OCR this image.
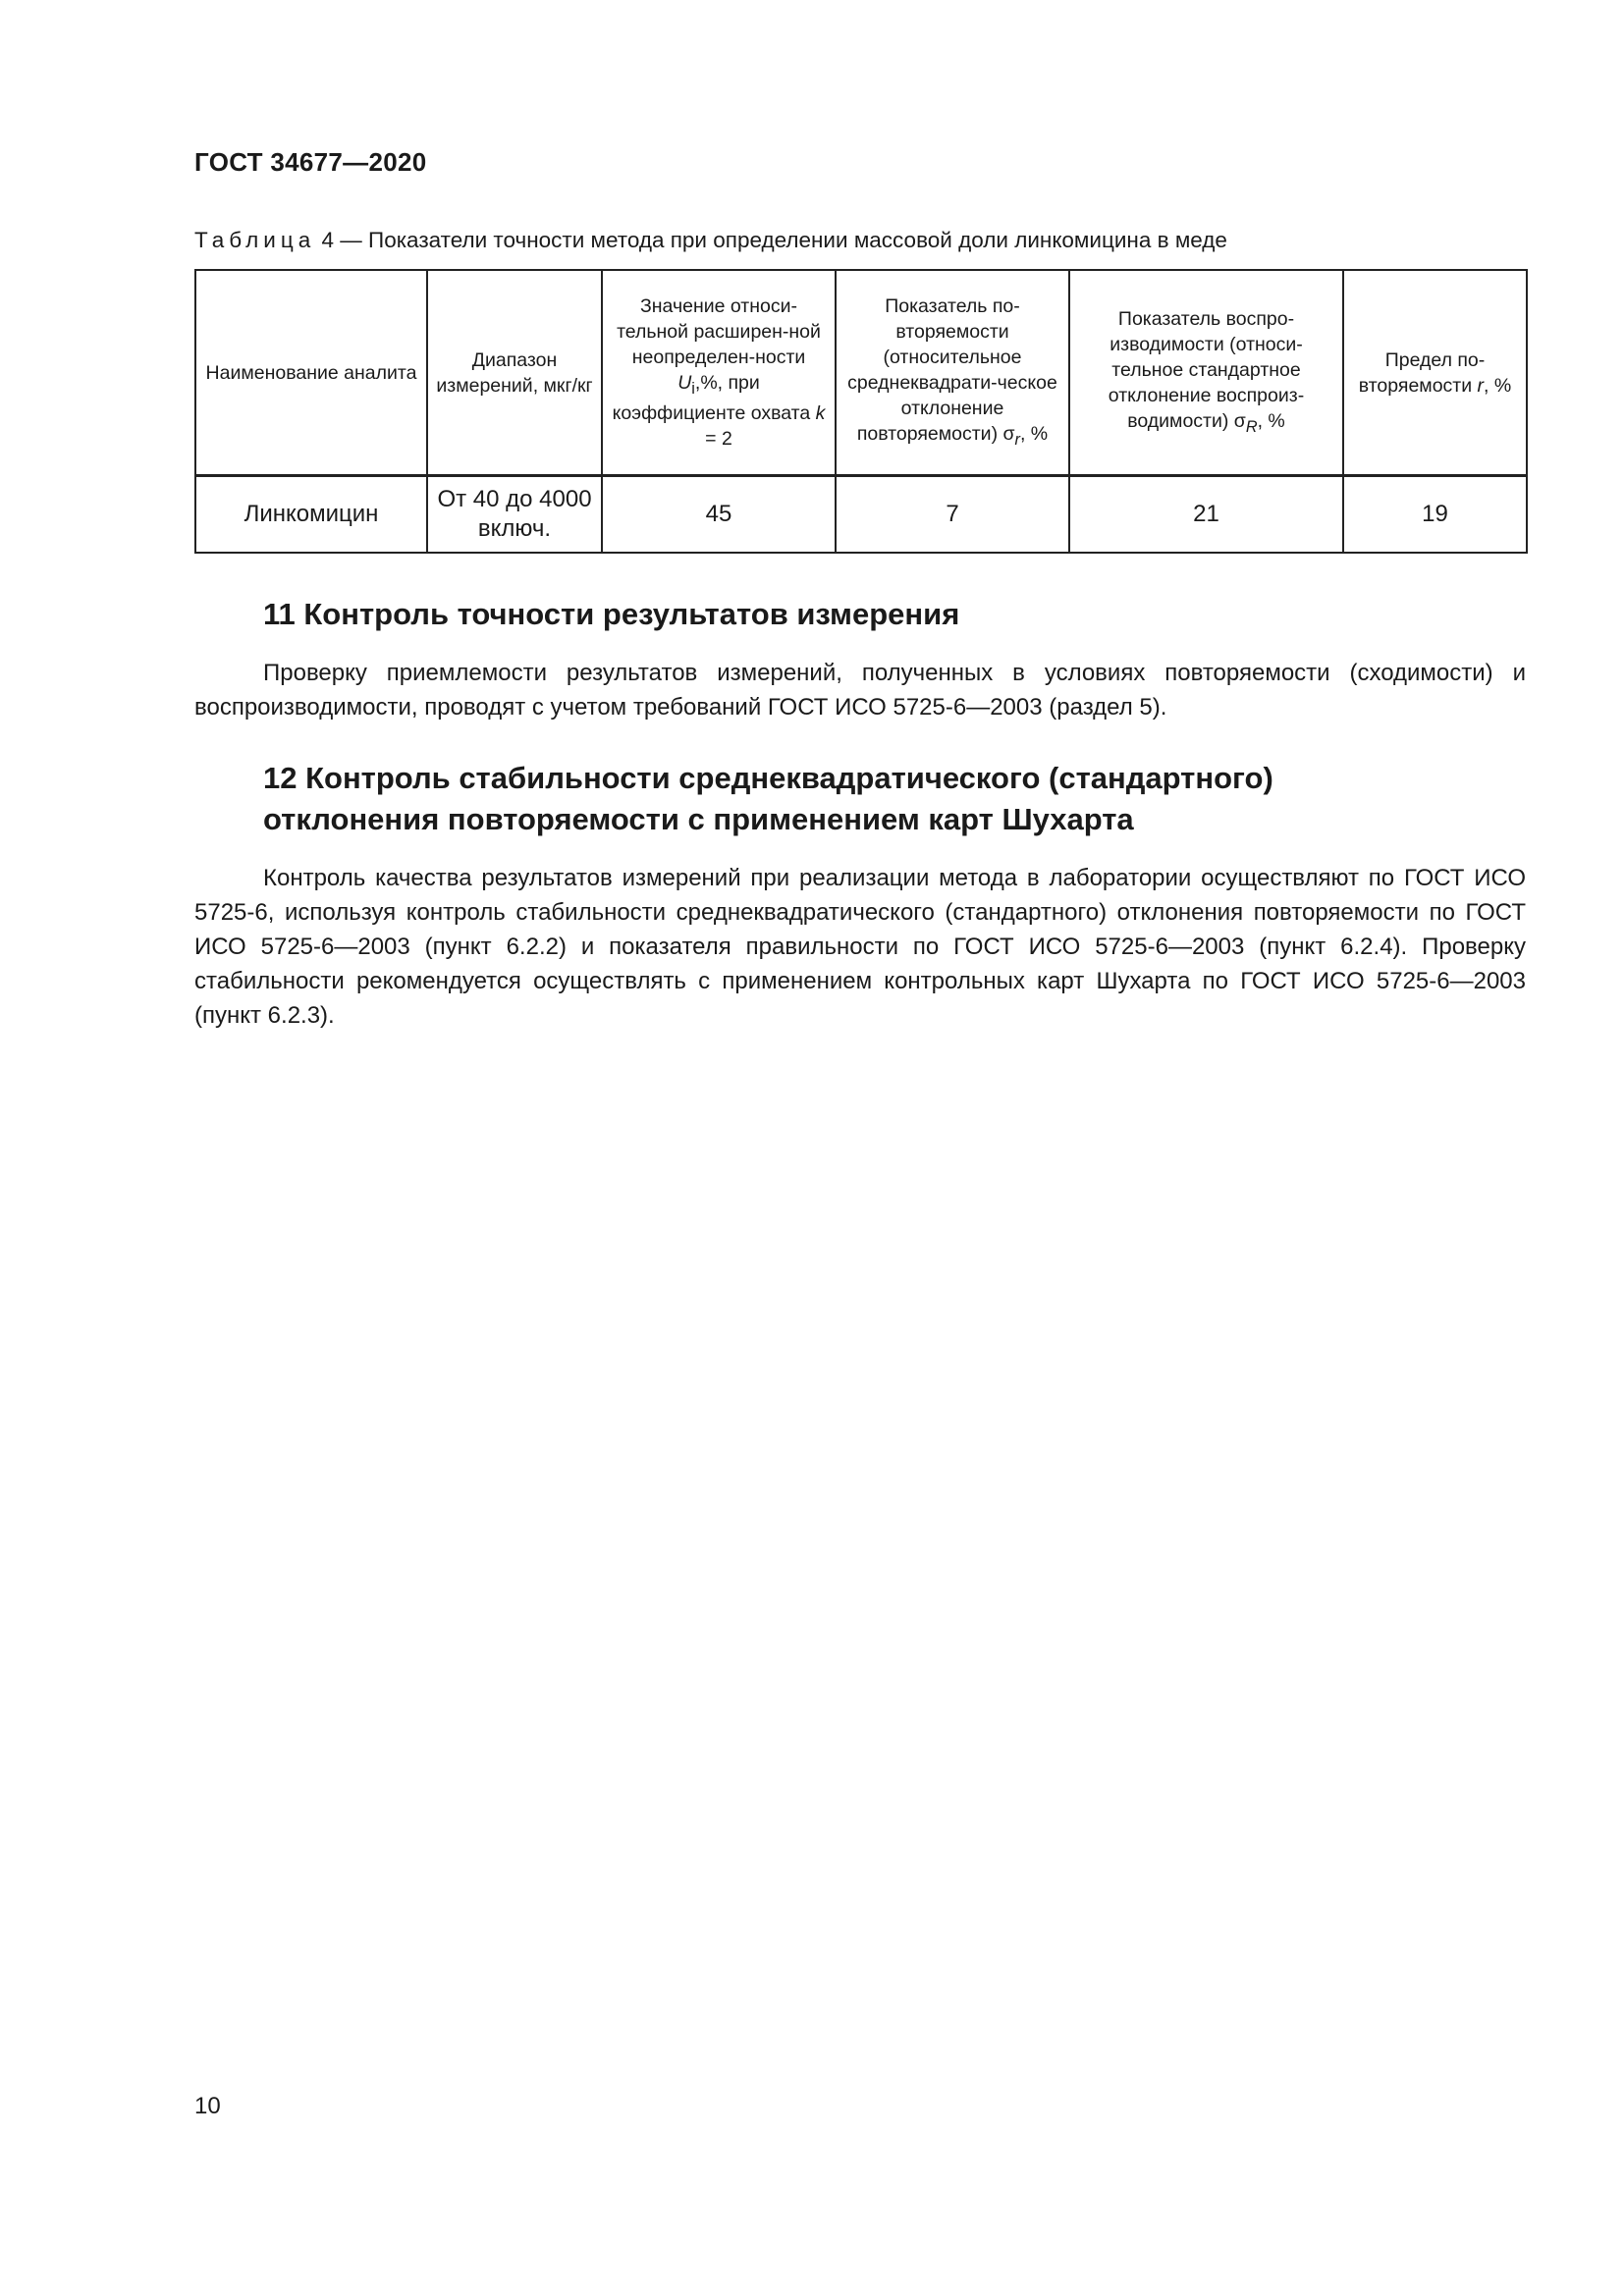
ГОСТ 34677—2020
Таблица 4 — Показатели точности метода при определении массовой доли линкомицина в меде
Наименование аналита	Диапазон измерений, мкг/кг	Значение относи-тельной расширен-ной неопределен-ности $U_i,\%$, при коэффициенте охвата k = 2	Показатель по-вторяемости (относительное среднеквадрати-ческое отклонение повторяемости) $\sigma_r$, %	Показатель воспро-изводимости (относи-тельное стандартное отклонение воспроиз-водимости) $\sigma_R$, %	Предел по-вторяемости r, %
Линкомицин	От 40 до 4000 включ.	45	7	21	19
11 Контроль точности результатов измерения

Проверку приемлемости результатов измерений, полученных в условиях повторяемости (сходимости) и воспроизводимости, проводят с учетом требований ГОСТ ИСО 5725-6—2003 (раздел 5).

12 Контроль стабильности среднеквадратического (стандартного)
отклонения повторяемости с применением карт Шухарта

Контроль качества результатов измерений при реализации метода в лаборатории осуществляют по ГОСТ ИСО 5725-6, используя контроль стабильности среднеквадратического (стандартного) отклонения повторяемости по ГОСТ ИСО 5725-6—2003 (пункт 6.2.2) и показателя правильности по ГОСТ ИСО 5725-6—2003 (пункт 6.2.4). Проверку стабильности рекомендуется осуществлять с применением контрольных карт Шухарта по ГОСТ ИСО 5725-6—2003 (пункт 6.2.3).

10
